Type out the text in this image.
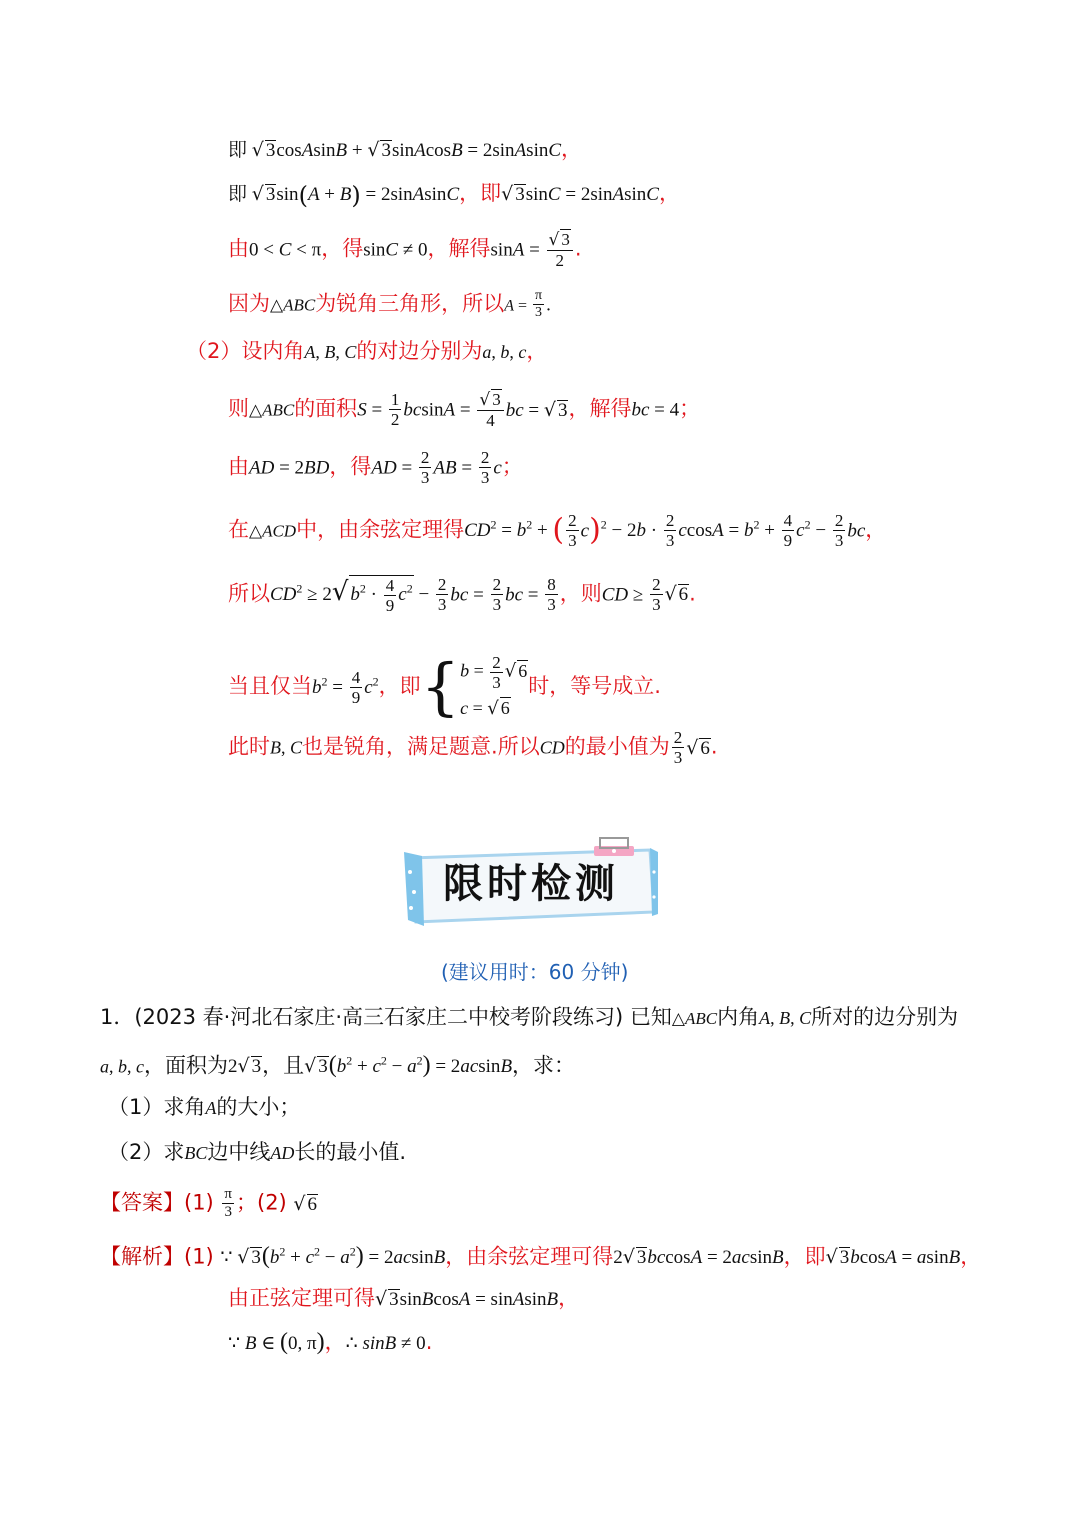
即 √ 3cosAsinB + √ 3sinAcosB = 2sinAsinC，
即 √ 3sin(A + B) = 2sinAsinC，即√ 3sinC = 2sinAsinC，
由0 < C < π，得sinC ≠ 0，解得$\sin A = \frac{√ 3}{2}$ .
因为△ABC为锐角三角形，所以$A = \frac{\pi}{3}$ .
（2）设内角A, B, C的对边分别为a, b, c，
则△ABC的面积$S = \frac{1}{2}$ $bcsinA = \frac{√ 3}{4}$ bc = √ 3，解得bc = 4；
由AD = 2BD，得AD = $\frac{2}{3}$ AB = $\frac{2}{3}$ c；
在△ACD中，由余弦定理得$CD^2 = b^2$ + ( $\frac{2}{3} c)^2 - 2b \cdot \frac{2}{3}$ $ccosA = b^2 + \frac{4}{9} c^2 - \frac{2}{3}$ bc，
所以$CD^2 \ge 2√$ $b^2 \cdot \frac{4}{9} c^2 - \frac{2}{3}$ bc = $\frac{2}{3}$ bc = $\frac{8}{3}$ ，则CD ≥ $\frac{2}{3}$ √ 6.
当且仅当$b^2 = \frac{4}{9} c^2$，即{ $b = \frac{2}{3}$ √ 6
c = √ 6
时，等号成立.
此时B, C也是锐角，满足题意.所以CD的最小值为 $\frac{2}{3}$ √ 6.
限时检测
(建议用时：60 分钟)
1．(2023 春·河北石家庄·高三石家庄二中校考阶段练习) 已知△ABC内角A, B, C所对的边分别为
a, b, c，面积为2√ 3，且√ $3(b^2 + c^2 - a^2) = 2acsinB$，求：
（1）求角A的大小；
（2）求BC边中线AD长的最小值.
【答案】$(1) \frac{\pi}{3}$ ；(2) √ 6
【解析】(1) ∵ √ $3(b^2 + c^2 - a^2) = 2acsinB$，由余弦定理可得2√ 3bccosA = 2acsinB，即√ 3bcosA = asinB，
由正弦定理可得√ 3sinBcosA = sinAsinB，
∵ B ∈ (0, π)，∴ sinB ≠ 0.
